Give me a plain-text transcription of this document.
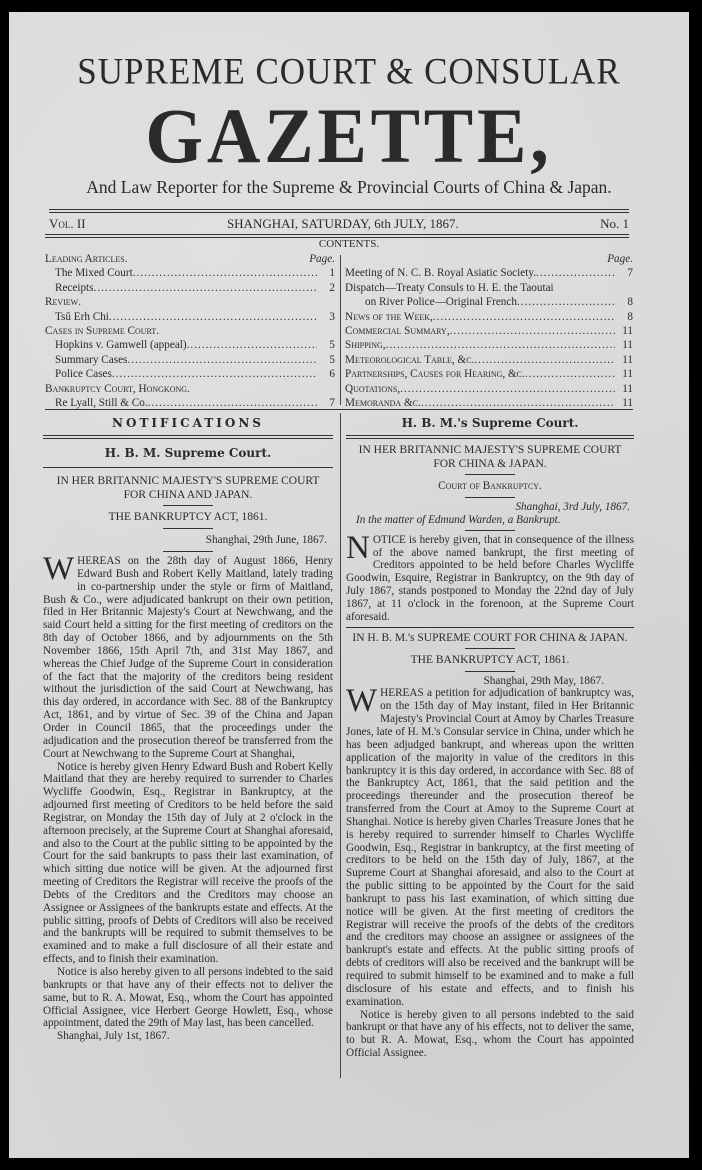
SUPREME COURT & CONSULAR
GAZETTE,
And Law Reporter for the Supreme & Provincial Courts of China & Japan.
Vol. II	SHANGHAI, SATURDAY, 6th JULY, 1867.	No. 1
CONTENTS.
Leading Articles.	Page.
The Mixed Court .....	1
Receipts .....	2
Review.
Tsŭ Erh Chi .....	3
Cases in Supreme Court.
Hopkins v. Gamwell (appeal) .....	5
Summary Cases .....	5
Police Cases .....	6
Bankruptcy Court, Hongkong.
Re Lyall, Still & Co. .....	7
Page.
Meeting of N. C. B. Royal Asiatic Society. .....	7
Dispatch—Treaty Consuls to H. E. the Taoutai
on River Police—Original French .....	8
News of the Week, .....	8
Commercial Summary, .....	11
Shipping, .....	11
Meteorological Table, &c. .....	11
Partnerships, Causes for Hearing, &c. .....	11
Quotations, .....	11
Memoranda &c. .....	11
NOTIFICATIONS
H. B. M. Supreme Court.
IN HER BRITANNIC MAJESTY'S SUPREME COURT FOR CHINA AND JAPAN.
THE BANKRUPTCY ACT, 1861.
Shanghai, 29th June, 1867.

WHEREAS on the 28th day of August 1866, Henry Edward Bush and Robert Kelly Maitland, lately trading in co-partnership under the style or firm of Maitland, Bush & Co., were adjudicated bankrupt on their own petition, filed in Her Britannic Majesty's Court at Newchwang, and the said Court held a sitting for the first meeting of creditors on the 8th day of October 1866, and by adjournments on the 5th November 1866, 15th April 7th, and 31st May 1867, and whereas the Chief Judge of the Supreme Court in consideration of the fact that the majority of the creditors being resident without the jurisdiction of the said Court at Newchwang, has this day ordered, in accordance with Sec. 88 of the Bankruptcy Act, 1861, and by virtue of Sec. 39 of the China and Japan Order in Council 1865, that the proceedings under the adjudication and the prosecution thereof be transferred from the Court at Newchwang to the Supreme Court at Shanghai,

Notice is hereby given Henry Edward Bush and Robert Kelly Maitland that they are hereby required to surrender to Charles Wycliffe Goodwin, Esq., Registrar in Bankruptcy, at the adjourned first meeting of Creditors to be held before the said Registrar, on Monday the 15th day of July at 2 o'clock in the afternoon precisely, at the Supreme Court at Shanghai aforesaid, and also to the Court at the public sitting to be appointed by the Court for the said bankrupts to pass their last examination, of which sitting due notice will be given. At the adjourned first meeting of Creditors the Registrar will receive the proofs of the Debts of the Creditors and the Creditors may choose an Assignee or Assignees of the bankrupts estate and effects. At the public sitting, proofs of Debts of Creditors will also be received and the bankrupts will be required to submit themselves to be examined and to make a full disclosure of all their estate and effects, and to finish their examination.

Notice is also hereby given to all persons indebted to the said bankrupts or that have any of their effects not to deliver the same, but to R. A. Mowat, Esq., whom the Court has appointed Official Assignee, vice Herbert George Howlett, Esq., whose appointment, dated the 29th of May last, has been cancelled.

Shanghai, July 1st, 1867.

H. B. M.'s Supreme Court.
IN HER BRITANNIC MAJESTY'S SUPREME COURT FOR CHINA & JAPAN.
Court of Bankruptcy.
Shanghai, 3rd July, 1867.
In the matter of Edmund Warden, a Bankrupt.

NOTICE is hereby given, that in consequence of the illness of the above named bankrupt, the first meeting of Creditors appointed to be held before Charles Wycliffe Goodwin, Esquire, Registrar in Bankruptcy, on the 9th day of July 1867, stands postponed to Monday the 22nd day of July 1867, at 11 o'clock in the forenoon, at the Supreme Court aforesaid.

IN H. B. M.'s SUPREME COURT FOR CHINA & JAPAN.
THE BANKRUPTCY ACT, 1861.
Shanghai, 29th May, 1867.

WHEREAS a petition for adjudication of bankruptcy was, on the 15th day of May instant, filed in Her Britannic Majesty's Provincial Court at Amoy by Charles Treasure Jones, late of H. M.'s Consular service in China, under which he has been adjudged bankrupt, and whereas upon the written application of the majority in value of the creditors in this bankruptcy it is this day ordered, in accordance with Sec. 88 of the Bankruptcy Act, 1861, that the said petition and the proceedings thereunder and the prosecution thereof be transferred from the Court at Amoy to the Supreme Court at Shanghai. Notice is hereby given Charles Treasure Jones that he is hereby required to surrender himself to Charles Wycliffe Goodwin, Esq., Registrar in bankruptcy, at the first meeting of creditors to be held on the 15th day of July, 1867, at the Supreme Court at Shanghai aforesaid, and also to the Court at the public sitting to be appointed by the Court for the said bankrupt to pass his last examination, of which sitting due notice will be given. At the first meeting of creditors the Registrar will receive the proofs of the debts of the creditors and the creditors may choose an assignee or assignees of the bankrupt's estate and effects. At the public sitting proofs of debts of creditors will also be received and the bankrupt will be required to submit himself to be examined and to make a full disclosure of his estate and effects, and to finish his examination.

Notice is hereby given to all persons indebted to the said bankrupt or that have any of his effects, not to deliver the same, to but R. A. Mowat, Esq., whom the Court has appointed Official Assignee.
